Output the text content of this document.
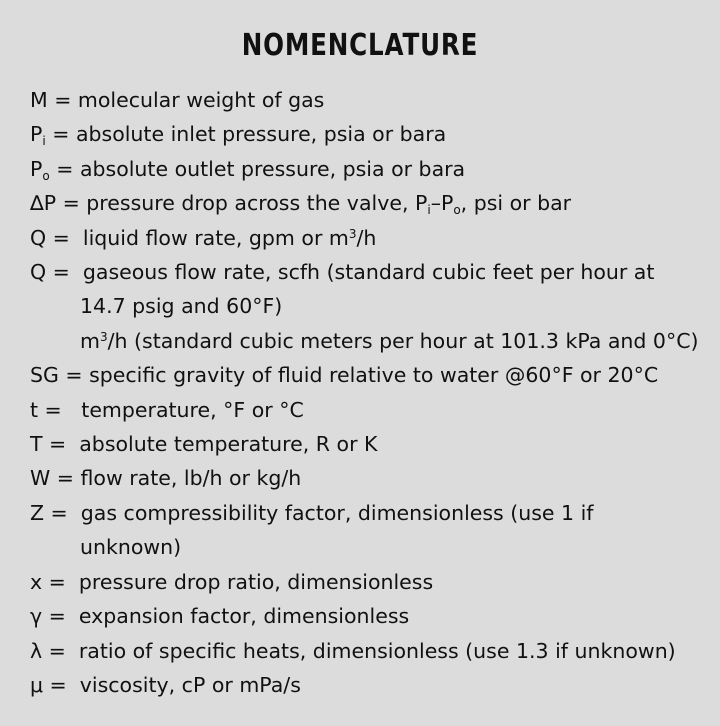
NOMENCLATURE
M = molecular weight of gas
$P_i$ = absolute inlet pressure, psia or bara
$P_o$ = absolute outlet pressure, psia or bara
∆P = pressure drop across the valve, $P_i-P_o$, psi or bar
Q = liquid flow rate, gpm or $m^3/h$
Q = gaseous flow rate, scfh (standard cubic feet per hour at
14.7 psig and 60°F)
$m^3/h$ (standard cubic meters per hour at 101.3 kPa and 0°C)
SG = specific gravity of fluid relative to water @60°F or 20°C
t = temperature, °F or °C
T = absolute temperature, R or K
W = flow rate, lb/h or kg/h
Z = gas compressibility factor, dimensionless (use 1 if
unknown)
x = pressure drop ratio, dimensionless
γ = expansion factor, dimensionless
λ = ratio of specific heats, dimensionless (use 1.3 if unknown)
μ = viscosity, cP or mPa/s
